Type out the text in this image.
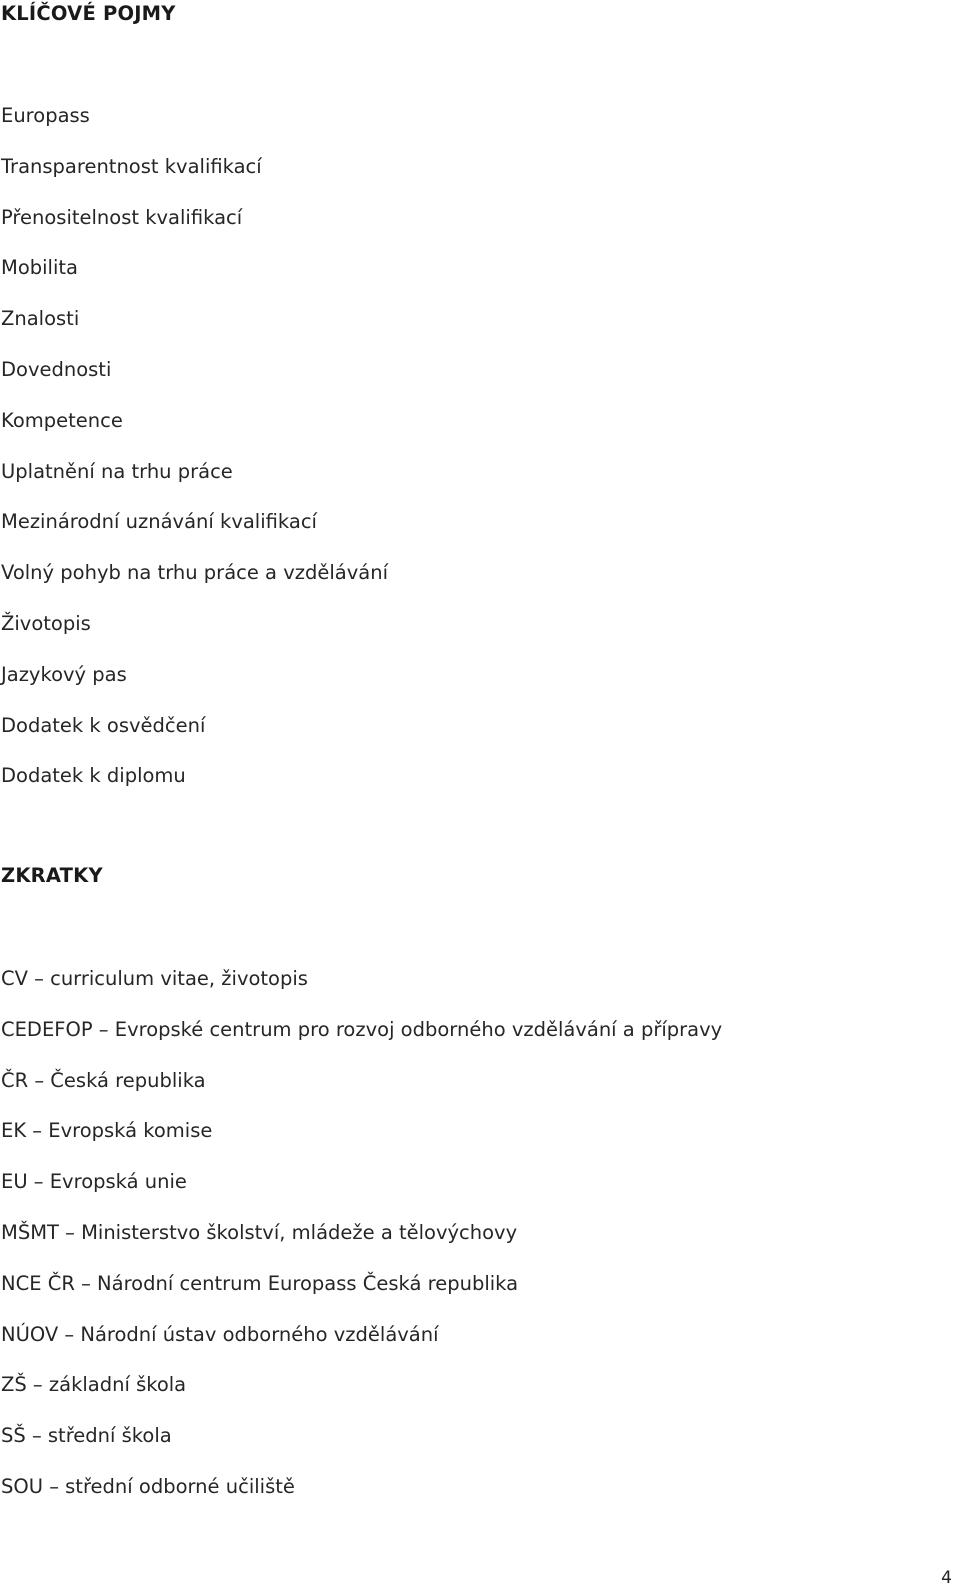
KLÍČOVÉ POJMY
Europass
Transparentnost kvalifikací
Přenositelnost kvalifikací
Mobilita
Znalosti
Dovednosti
Kompetence
Uplatnění na trhu práce
Mezinárodní uznávání kvalifikací
Volný pohyb na trhu práce a vzdělávání
Životopis
Jazykový pas
Dodatek k osvědčení
Dodatek k diplomu
ZKRATKY
CV – curriculum vitae, životopis
CEDEFOP – Evropské centrum pro rozvoj odborného vzdělávání a přípravy
ČR – Česká republika
EK – Evropská komise
EU – Evropská unie
MŠMT – Ministerstvo školství, mládeže a tělovýchovy
NCE ČR – Národní centrum Europass Česká republika
NÚOV – Národní ústav odborného vzdělávání
ZŠ – základní škola
SŠ – střední škola
SOU – střední odborné učiliště
4
